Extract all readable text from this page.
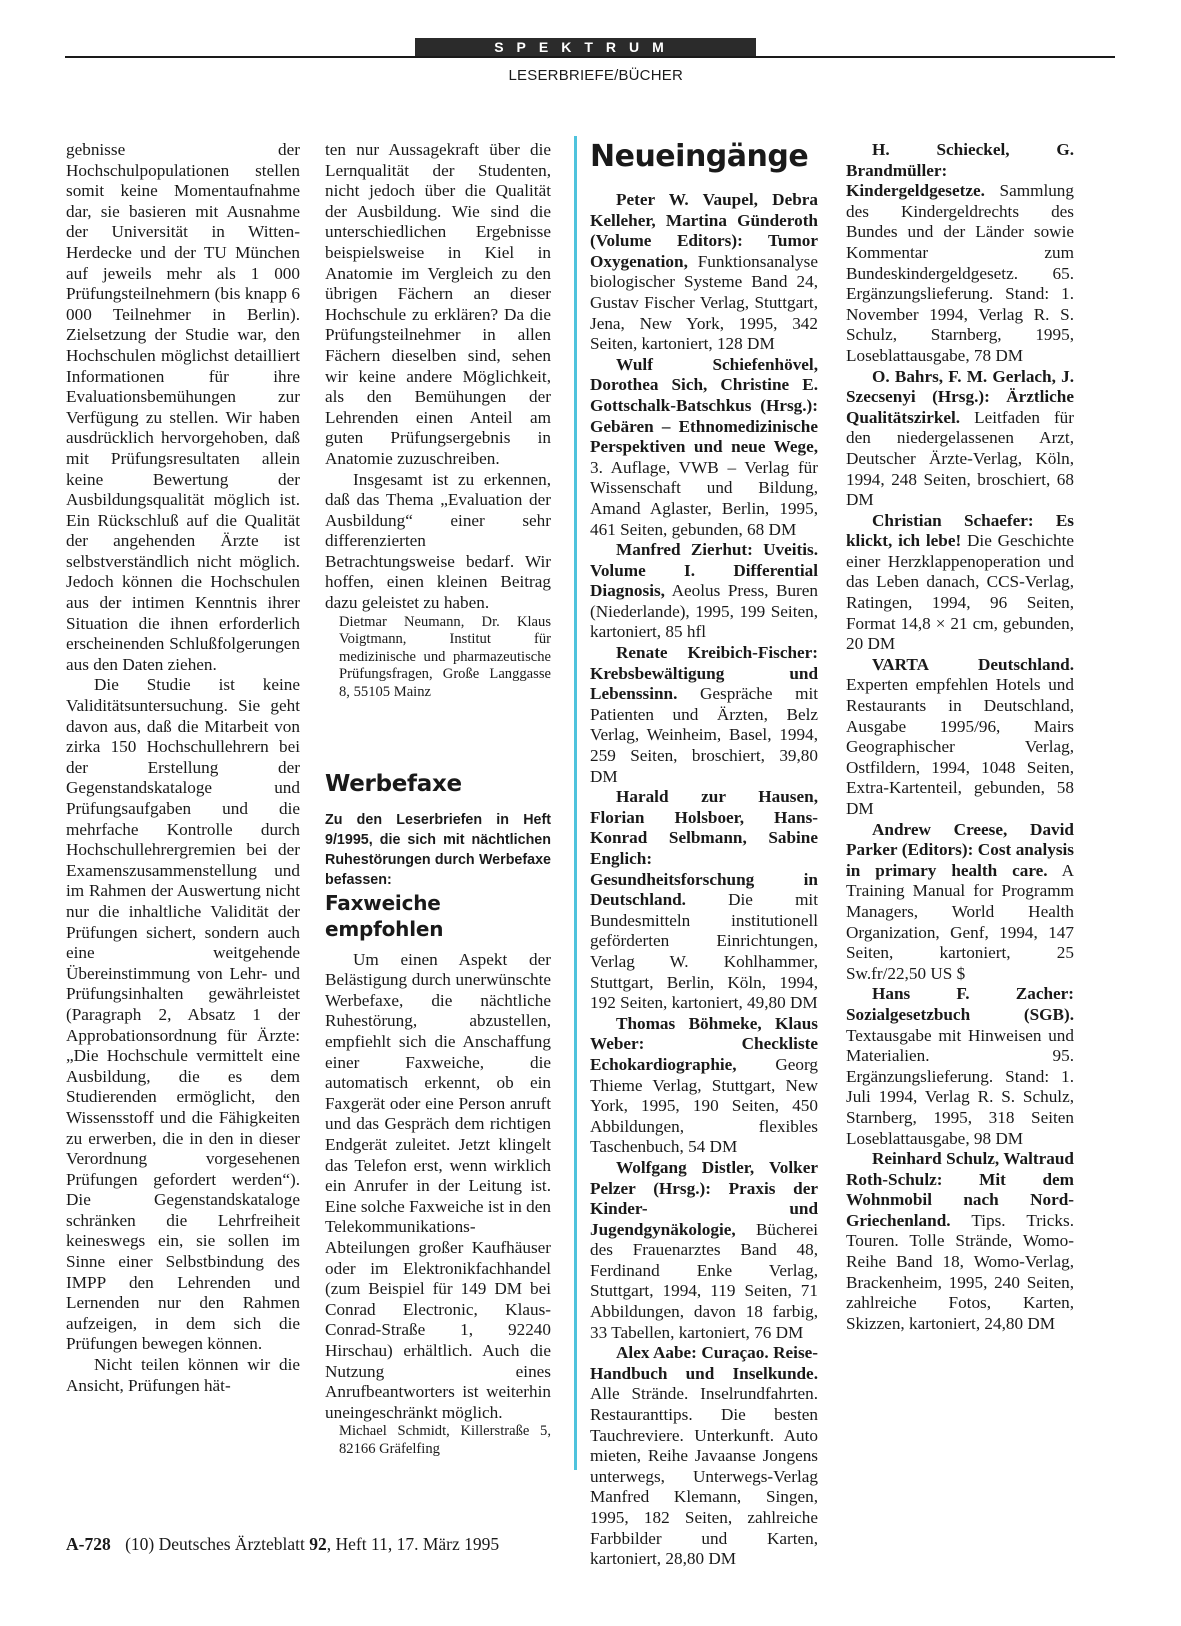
SPEKTRUM
LESERBRIEFE/BÜCHER

gebnisse der Hochschulpopulationen stellen somit keine Momentaufnahme dar, sie basieren mit Ausnahme der Universität in Witten-Herdecke und der TU München auf jeweils mehr als 1 000 Prüfungsteilnehmern (bis knapp 6 000 Teilnehmer in Berlin). Zielsetzung der Studie war, den Hochschulen möglichst detailliert Informationen für ihre Evaluationsbemühungen zur Verfügung zu stellen. Wir haben ausdrücklich hervorgehoben, daß mit Prüfungsresultaten allein keine Bewertung der Ausbildungsqualität möglich ist. Ein Rückschluß auf die Qualität der angehenden Ärzte ist selbstverständlich nicht möglich. Jedoch können die Hochschulen aus der intimen Kenntnis ihrer Situation die ihnen erforderlich erscheinenden Schlußfolgerungen aus den Daten ziehen.

Die Studie ist keine Validitätsuntersuchung. Sie geht davon aus, daß die Mitarbeit von zirka 150 Hochschullehrern bei der Erstellung der Gegenstandskataloge und Prüfungsaufgaben und die mehrfache Kontrolle durch Hochschullehrergremien bei der Examenszusammenstellung und im Rahmen der Auswertung nicht nur die inhaltliche Validität der Prüfungen sichert, sondern auch eine weitgehende Übereinstimmung von Lehr- und Prüfungsinhalten gewährleistet (Paragraph 2, Absatz 1 der Approbationsordnung für Ärzte: „Die Hochschule vermittelt eine Ausbildung, die es dem Studierenden ermöglicht, den Wissensstoff und die Fähigkeiten zu erwerben, die in den in dieser Verordnung vorgesehenen Prüfungen gefordert werden“). Die Gegenstandskataloge schränken die Lehrfreiheit keineswegs ein, sie sollen im Sinne einer Selbstbindung des IMPP den Lehrenden und Lernenden nur den Rahmen aufzeigen, in dem sich die Prüfungen bewegen können.

Nicht teilen können wir die Ansicht, Prüfungen hät-

ten nur Aussagekraft über die Lernqualität der Studenten, nicht jedoch über die Qualität der Ausbildung. Wie sind die unterschiedlichen Ergebnisse beispielsweise in Kiel in Anatomie im Vergleich zu den übrigen Fächern an dieser Hochschule zu erklären? Da die Prüfungsteilnehmer in allen Fächern dieselben sind, sehen wir keine andere Möglichkeit, als den Bemühungen der Lehrenden einen Anteil am guten Prüfungsergebnis in Anatomie zuzuschreiben.

Insgesamt ist zu erkennen, daß das Thema „Evaluation der Ausbildung“ einer sehr differenzierten Betrachtungsweise bedarf. Wir hoffen, einen kleinen Beitrag dazu geleistet zu haben.

Dietmar Neumann, Dr. Klaus Voigtmann, Institut für medizinische und pharmazeutische Prüfungsfragen, Große Langgasse 8, 55105 Mainz

Werbefaxe

Zu den Leserbriefen in Heft 9/1995, die sich mit nächtlichen Ruhestörungen durch Werbefaxe befassen:

Faxweiche empfohlen

Um einen Aspekt der Belästigung durch unerwünschte Werbefaxe, die nächtliche Ruhestörung, abzustellen, empfiehlt sich die Anschaffung einer Faxweiche, die automatisch erkennt, ob ein Faxgerät oder eine Person anruft und das Gespräch dem richtigen Endgerät zuleitet. Jetzt klingelt das Telefon erst, wenn wirklich ein Anrufer in der Leitung ist. Eine solche Faxweiche ist in den Telekommunikations-Abteilungen großer Kaufhäuser oder im Elektronikfachhandel (zum Beispiel für 149 DM bei Conrad Electronic, Klaus-Conrad-Straße 1, 92240 Hirschau) erhältlich. Auch die Nutzung eines Anrufbeantworters ist weiterhin uneingeschränkt möglich.

Michael Schmidt, Killerstraße 5, 82166 Gräfelfing

Neueingänge

Peter W. Vaupel, Debra Kelleher, Martina Günderoth (Volume Editors): Tumor Oxygenation, Funktionsanalyse biologischer Systeme Band 24, Gustav Fischer Verlag, Stuttgart, Jena, New York, 1995, 342 Seiten, kartoniert, 128 DM

Wulf Schiefenhövel, Dorothea Sich, Christine E. Gottschalk-Batschkus (Hrsg.): Gebären – Ethnomedizinische Perspektiven und neue Wege, 3. Auflage, VWB – Verlag für Wissenschaft und Bildung, Amand Aglaster, Berlin, 1995, 461 Seiten, gebunden, 68 DM

Manfred Zierhut: Uveitis. Volume I. Differential Diagnosis, Aeolus Press, Buren (Niederlande), 1995, 199 Seiten, kartoniert, 85 hfl

Renate Kreibich-Fischer: Krebsbewältigung und Lebenssinn. Gespräche mit Patienten und Ärzten, Belz Verlag, Weinheim, Basel, 1994, 259 Seiten, broschiert, 39,80 DM

Harald zur Hausen, Florian Holsboer, Hans-Konrad Selbmann, Sabine Englich: Gesundheitsforschung in Deutschland. Die mit Bundesmitteln institutionell geförderten Einrichtungen, Verlag W. Kohlhammer, Stuttgart, Berlin, Köln, 1994, 192 Seiten, kartoniert, 49,80 DM

Thomas Böhmeke, Klaus Weber: Checkliste Echokardiographie, Georg Thieme Verlag, Stuttgart, New York, 1995, 190 Seiten, 450 Abbildungen, flexibles Taschenbuch, 54 DM

Wolfgang Distler, Volker Pelzer (Hrsg.): Praxis der Kinder- und Jugendgynäkologie, Bücherei des Frauenarztes Band 48, Ferdinand Enke Verlag, Stuttgart, 1994, 119 Seiten, 71 Abbildungen, davon 18 farbig, 33 Tabellen, kartoniert, 76 DM

Alex Aabe: Curaçao. Reise-Handbuch und Inselkunde. Alle Strände. Inselrundfahrten. Restauranttips. Die besten Tauchreviere. Unterkunft. Auto mieten, Reihe Javaanse Jongens unterwegs, Unterwegs-Verlag Manfred Klemann, Singen, 1995, 182 Seiten, zahlreiche Farbbilder und Karten, kartoniert, 28,80 DM

H. Schieckel, G. Brandmüller: Kindergeldgesetze. Sammlung des Kindergeldrechts des Bundes und der Länder sowie Kommentar zum Bundeskindergeldgesetz. 65. Ergänzungslieferung. Stand: 1. November 1994, Verlag R. S. Schulz, Starnberg, 1995, Loseblattausgabe, 78 DM

O. Bahrs, F. M. Gerlach, J. Szecsenyi (Hrsg.): Ärztliche Qualitätszirkel. Leitfaden für den niedergelassenen Arzt, Deutscher Ärzte-Verlag, Köln, 1994, 248 Seiten, broschiert, 68 DM

Christian Schaefer: Es klickt, ich lebe! Die Geschichte einer Herzklappenoperation und das Leben danach, CCS-Verlag, Ratingen, 1994, 96 Seiten, Format 14,8 × 21 cm, gebunden, 20 DM

VARTA Deutschland. Experten empfehlen Hotels und Restaurants in Deutschland, Ausgabe 1995/96, Mairs Geographischer Verlag, Ostfildern, 1994, 1048 Seiten, Extra-Kartenteil, gebunden, 58 DM

Andrew Creese, David Parker (Editors): Cost analysis in primary health care. A Training Manual for Programm Managers, World Health Organization, Genf, 1994, 147 Seiten, kartoniert, 25 Sw.fr/22,50 US $

Hans F. Zacher: Sozialgesetzbuch (SGB). Textausgabe mit Hinweisen und Materialien. 95. Ergänzungslieferung. Stand: 1. Juli 1994, Verlag R. S. Schulz, Starnberg, 1995, 318 Seiten Loseblattausgabe, 98 DM

Reinhard Schulz, Waltraud Roth-Schulz: Mit dem Wohnmobil nach Nord-Griechenland. Tips. Tricks. Touren. Tolle Strände, Womo-Reihe Band 18, Womo-Verlag, Brackenheim, 1995, 240 Seiten, zahlreiche Fotos, Karten, Skizzen, kartoniert, 24,80 DM

A-728 (10) Deutsches Ärzteblatt 92, Heft 11, 17. März 1995
